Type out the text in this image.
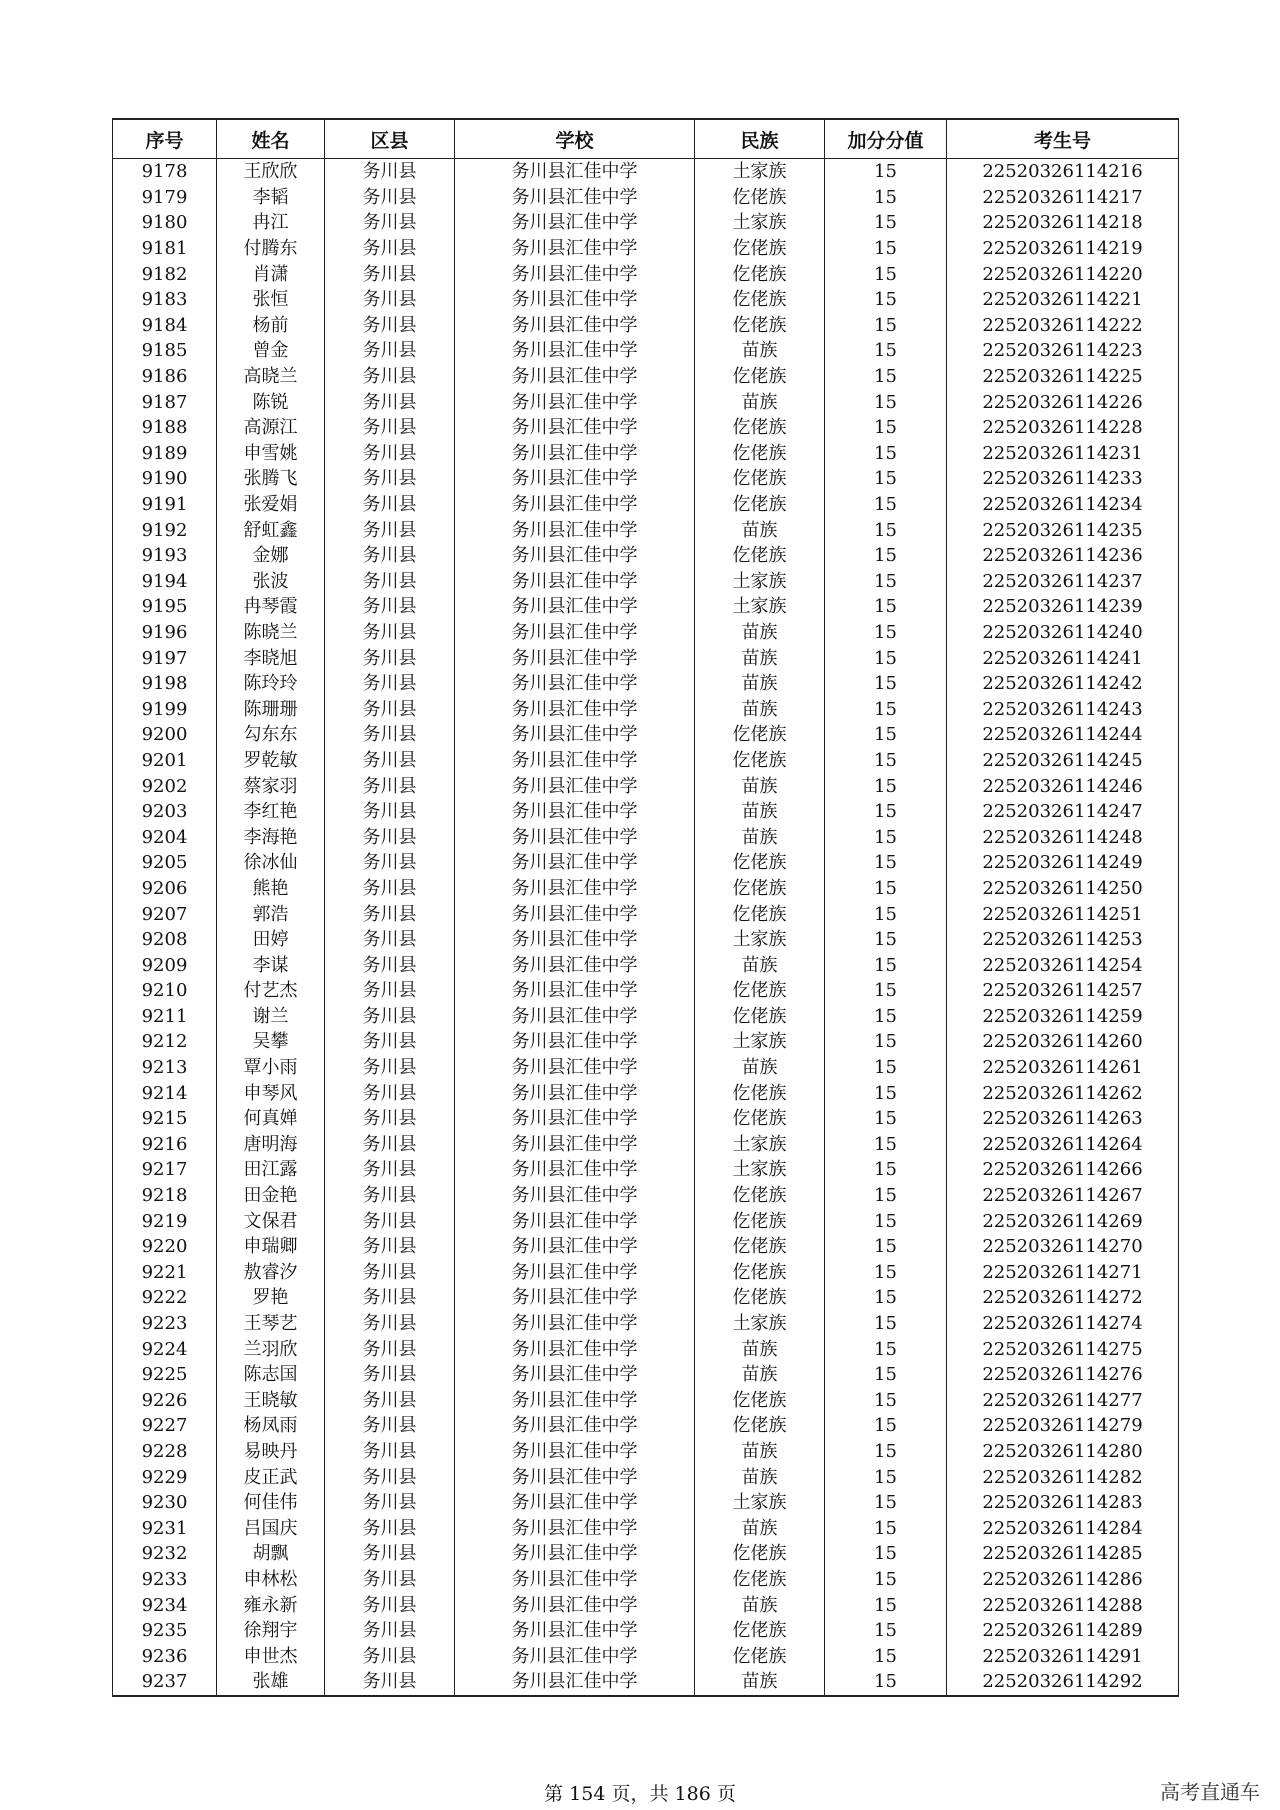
序号	姓名	区县	学校	民族	加分分值	考生号
9178	王欣欣	务川县	务川县汇佳中学	土家族	15	22520326114216
9179	李韬	务川县	务川县汇佳中学	仡佬族	15	22520326114217
9180	冉江	务川县	务川县汇佳中学	土家族	15	22520326114218
9181	付腾东	务川县	务川县汇佳中学	仡佬族	15	22520326114219
9182	肖潇	务川县	务川县汇佳中学	仡佬族	15	22520326114220
9183	张恒	务川县	务川县汇佳中学	仡佬族	15	22520326114221
9184	杨前	务川县	务川县汇佳中学	仡佬族	15	22520326114222
9185	曾金	务川县	务川县汇佳中学	苗族	15	22520326114223
9186	高晓兰	务川县	务川县汇佳中学	仡佬族	15	22520326114225
9187	陈锐	务川县	务川县汇佳中学	苗族	15	22520326114226
9188	高源江	务川县	务川县汇佳中学	仡佬族	15	22520326114228
9189	申雪姚	务川县	务川县汇佳中学	仡佬族	15	22520326114231
9190	张腾飞	务川县	务川县汇佳中学	仡佬族	15	22520326114233
9191	张爱娟	务川县	务川县汇佳中学	仡佬族	15	22520326114234
9192	舒虹鑫	务川县	务川县汇佳中学	苗族	15	22520326114235
9193	金娜	务川县	务川县汇佳中学	仡佬族	15	22520326114236
9194	张波	务川县	务川县汇佳中学	土家族	15	22520326114237
9195	冉琴霞	务川县	务川县汇佳中学	土家族	15	22520326114239
9196	陈晓兰	务川县	务川县汇佳中学	苗族	15	22520326114240
9197	李晓旭	务川县	务川县汇佳中学	苗族	15	22520326114241
9198	陈玲玲	务川县	务川县汇佳中学	苗族	15	22520326114242
9199	陈珊珊	务川县	务川县汇佳中学	苗族	15	22520326114243
9200	勾东东	务川县	务川县汇佳中学	仡佬族	15	22520326114244
9201	罗乾敏	务川县	务川县汇佳中学	仡佬族	15	22520326114245
9202	蔡家羽	务川县	务川县汇佳中学	苗族	15	22520326114246
9203	李红艳	务川县	务川县汇佳中学	苗族	15	22520326114247
9204	李海艳	务川县	务川县汇佳中学	苗族	15	22520326114248
9205	徐冰仙	务川县	务川县汇佳中学	仡佬族	15	22520326114249
9206	熊艳	务川县	务川县汇佳中学	仡佬族	15	22520326114250
9207	郭浩	务川县	务川县汇佳中学	仡佬族	15	22520326114251
9208	田婷	务川县	务川县汇佳中学	土家族	15	22520326114253
9209	李谋	务川县	务川县汇佳中学	苗族	15	22520326114254
9210	付艺杰	务川县	务川县汇佳中学	仡佬族	15	22520326114257
9211	谢兰	务川县	务川县汇佳中学	仡佬族	15	22520326114259
9212	吴攀	务川县	务川县汇佳中学	土家族	15	22520326114260
9213	覃小雨	务川县	务川县汇佳中学	苗族	15	22520326114261
9214	申琴风	务川县	务川县汇佳中学	仡佬族	15	22520326114262
9215	何真婵	务川县	务川县汇佳中学	仡佬族	15	22520326114263
9216	唐明海	务川县	务川县汇佳中学	土家族	15	22520326114264
9217	田江露	务川县	务川县汇佳中学	土家族	15	22520326114266
9218	田金艳	务川县	务川县汇佳中学	仡佬族	15	22520326114267
9219	文保君	务川县	务川县汇佳中学	仡佬族	15	22520326114269
9220	申瑞卿	务川县	务川县汇佳中学	仡佬族	15	22520326114270
9221	敖睿汐	务川县	务川县汇佳中学	仡佬族	15	22520326114271
9222	罗艳	务川县	务川县汇佳中学	仡佬族	15	22520326114272
9223	王琴艺	务川县	务川县汇佳中学	土家族	15	22520326114274
9224	兰羽欣	务川县	务川县汇佳中学	苗族	15	22520326114275
9225	陈志国	务川县	务川县汇佳中学	苗族	15	22520326114276
9226	王晓敏	务川县	务川县汇佳中学	仡佬族	15	22520326114277
9227	杨凤雨	务川县	务川县汇佳中学	仡佬族	15	22520326114279
9228	易映丹	务川县	务川县汇佳中学	苗族	15	22520326114280
9229	皮正武	务川县	务川县汇佳中学	苗族	15	22520326114282
9230	何佳伟	务川县	务川县汇佳中学	土家族	15	22520326114283
9231	吕国庆	务川县	务川县汇佳中学	苗族	15	22520326114284
9232	胡飘	务川县	务川县汇佳中学	仡佬族	15	22520326114285
9233	申林松	务川县	务川县汇佳中学	仡佬族	15	22520326114286
9234	雍永新	务川县	务川县汇佳中学	苗族	15	22520326114288
9235	徐翔宇	务川县	务川县汇佳中学	仡佬族	15	22520326114289
9236	申世杰	务川县	务川县汇佳中学	仡佬族	15	22520326114291
9237	张雄	务川县	务川县汇佳中学	苗族	15	22520326114292
第 154 页，共 186 页	高考直通车
